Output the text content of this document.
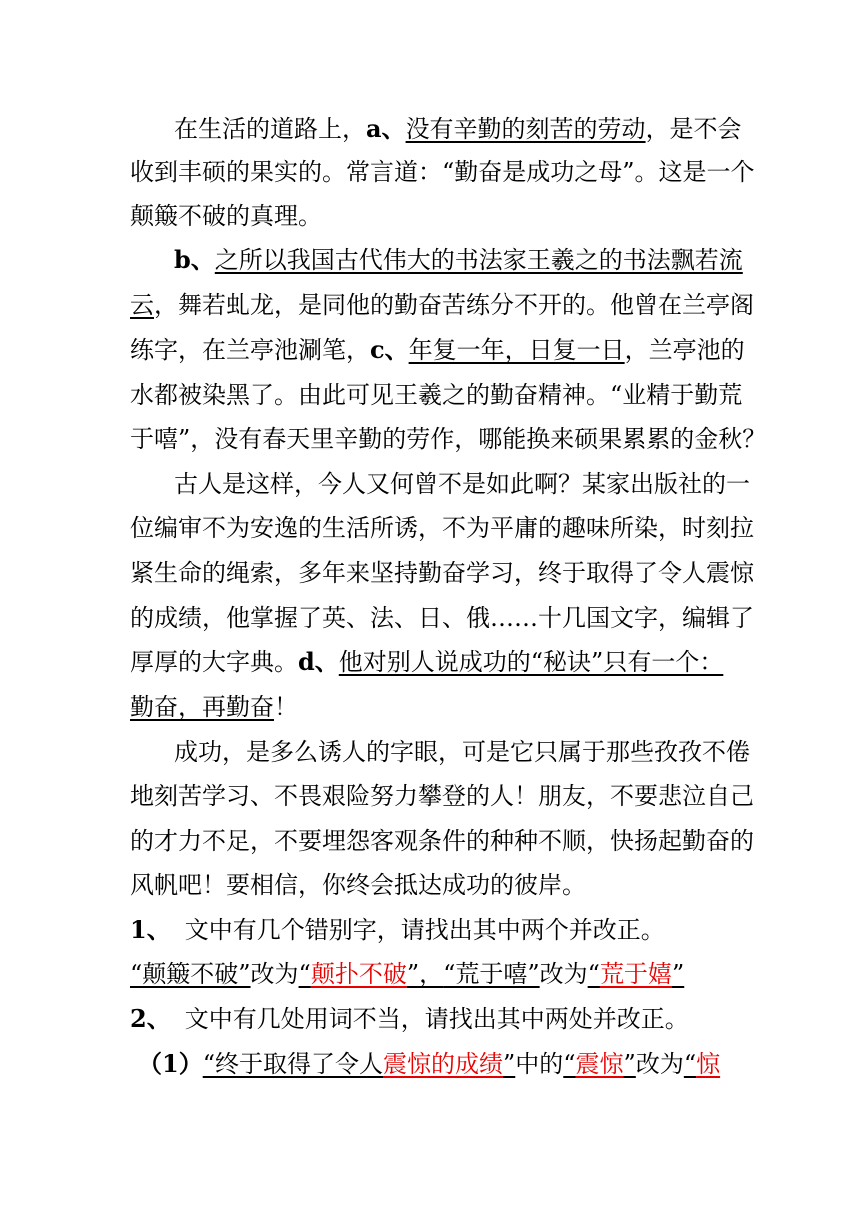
在生活的道路上，a、没有辛勤的刻苦的劳动，是不会
收到丰硕的果实的。常言道：“勤奋是成功之母”。这是一个
颠簸不破的真理。
b、之所以我国古代伟大的书法家王羲之的书法飘若流
云，舞若虬龙，是同他的勤奋苦练分不开的。他曾在兰亭阁
练字，在兰亭池涮笔，c、年复一年，日复一日，兰亭池的
水都被染黑了。由此可见王羲之的勤奋精神。“业精于勤荒
于嘻”，没有春天里辛勤的劳作，哪能换来硕果累累的金秋？
古人是这样，今人又何曾不是如此啊？某家出版社的一
位编审不为安逸的生活所诱，不为平庸的趣味所染，时刻拉
紧生命的绳索，多年来坚持勤奋学习，终于取得了令人震惊
的成绩，他掌握了英、法、日、俄……十几国文字，编辑了
厚厚的大字典。d、他对别人说成功的“秘诀”只有一个：
勤奋，再勤奋！
成功，是多么诱人的字眼，可是它只属于那些孜孜不倦
地刻苦学习、不畏艰险努力攀登的人！朋友，不要悲泣自己
的才力不足，不要埋怨客观条件的种种不顺，快扬起勤奋的
风帆吧！要相信，你终会抵达成功的彼岸。
1、 文中有几个错别字，请找出其中两个并改正。
“颠簸不破”改为“颠扑不破”，“荒于嘻”改为“荒于嬉”
2、 文中有几处用词不当，请找出其中两处并改正。
（1）“终于取得了令人震惊的成绩”中的“震惊”改为“惊
